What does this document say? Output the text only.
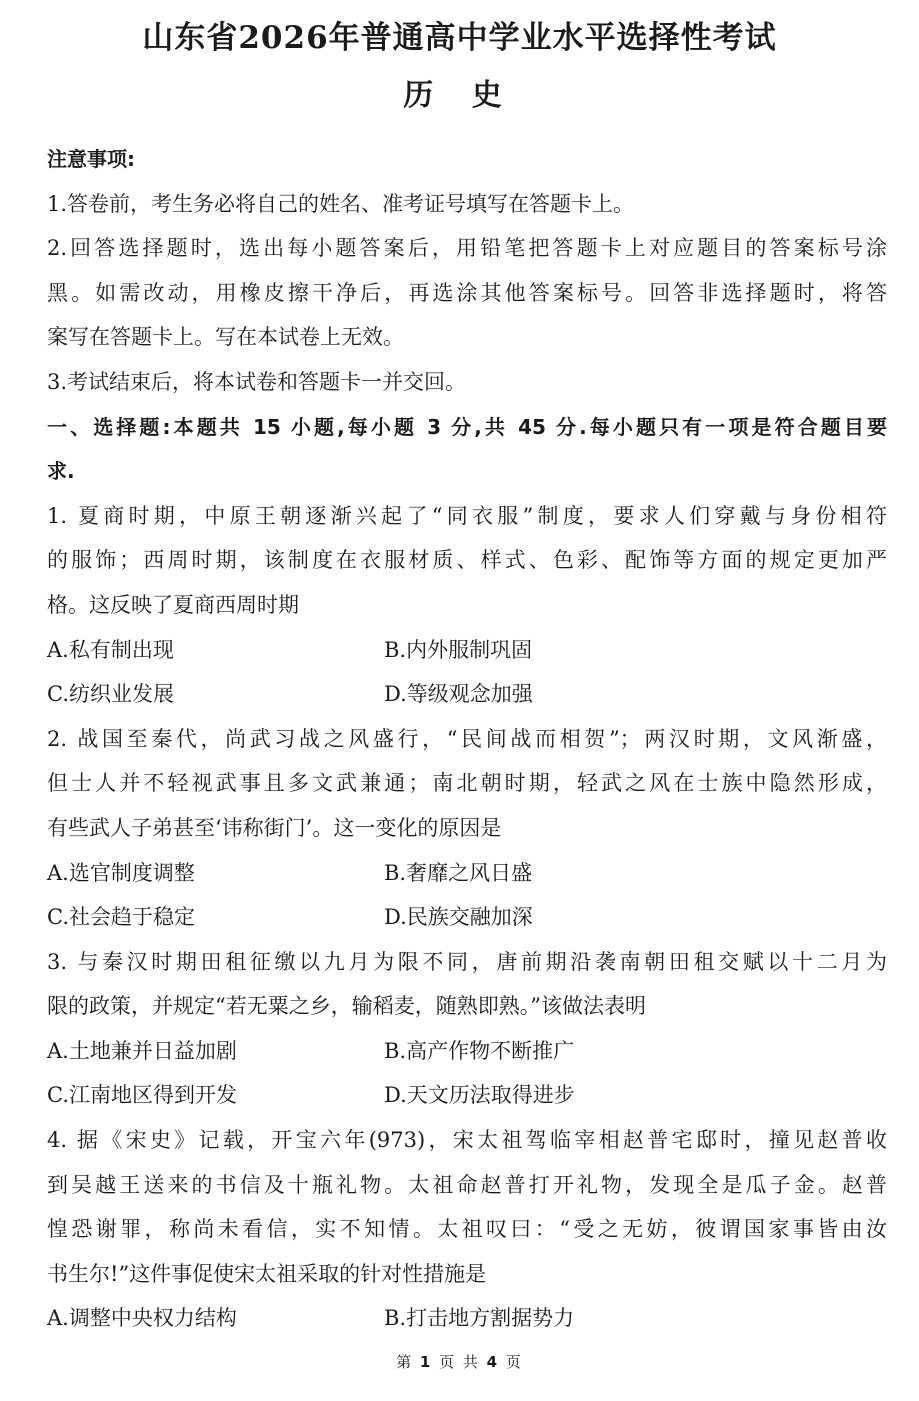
山东省2026年普通高中学业水平选择性考试
历 史
注意事项:
1.答卷前，考生务必将自己的姓名、准考证号填写在答题卡上。
2.回答选择题时，选出每小题答案后，用铅笔把答题卡上对应题目的答案标号涂
黑。如需改动，用橡皮擦干净后，再选涂其他答案标号。回答非选择题时，将答
案写在答题卡上。写在本试卷上无效。
3.考试结束后，将本试卷和答题卡一并交回。
一、选择题:本题共 15 小题,每小题 3 分,共 45 分.每小题只有一项是符合题目要
求.
1. 夏商时期，中原王朝逐渐兴起了“同衣服”制度，要求人们穿戴与身份相符
的服饰；西周时期，该制度在衣服材质、样式、色彩、配饰等方面的规定更加严
格。这反映了夏商西周时期
A.私有制出现	B.内外服制巩固
C.纺织业发展	D.等级观念加强
2. 战国至秦代，尚武习战之风盛行，“民间战而相贺”；两汉时期，文风渐盛，
但士人并不轻视武事且多文武兼通；南北朝时期，轻武之风在士族中隐然形成，
有些武人子弟甚至‘讳称街门’。这一变化的原因是
A.选官制度调整	B.奢靡之风日盛
C.社会趋于稳定	D.民族交融加深
3. 与秦汉时期田租征缴以九月为限不同，唐前期沿袭南朝田租交赋以十二月为
限的政策，并规定“若无粟之乡，输稻麦，随熟即熟。”该做法表明
A.土地兼并日益加剧	B.高产作物不断推广
C.江南地区得到开发	D.天文历法取得进步
4. 据《宋史》记载，开宝六年(973)，宋太祖驾临宰相赵普宅邸时，撞见赵普收
到吴越王送来的书信及十瓶礼物。太祖命赵普打开礼物，发现全是瓜子金。赵普
惶恐谢罪，称尚未看信，实不知情。太祖叹曰：“受之无妨，彼谓国家事皆由汝
书生尔!”这件事促使宋太祖采取的针对性措施是
A.调整中央权力结构	B.打击地方割据势力
第 1 页 共 4 页
